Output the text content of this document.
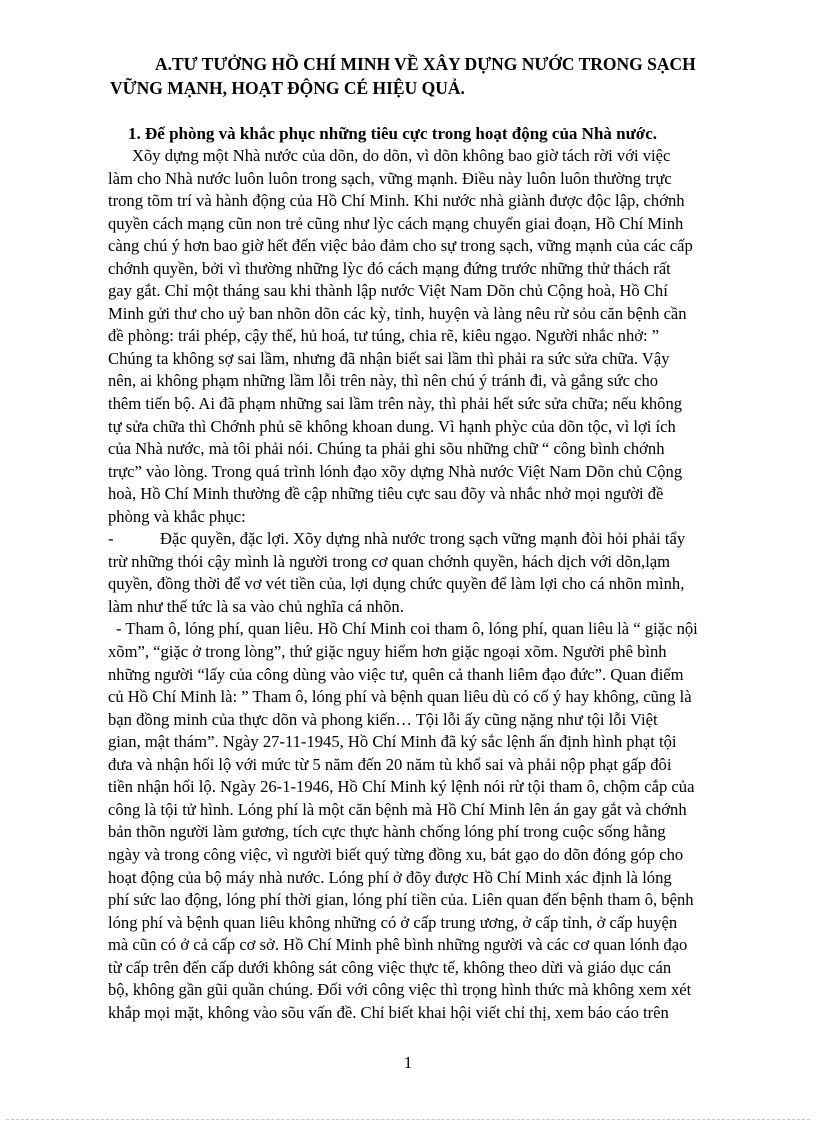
A.TƯ TƯỞNG HỒ CHÍ MINH VỀ XÂY DỰNG NƯỚC TRONG SẠCH
VỮNG MẠNH, HOẠT ĐỘNG CÉ HIỆU QUẢ.
1. Để phòng và khắc phục những tiêu cực trong hoạt động của Nhà nước.
Xõy dựng một Nhà nước của dõn, do dõn, vì dõn không bao giờ tách rời với việc
làm cho Nhà nước luôn luôn trong sạch, vững mạnh. Điều này luôn luôn thường trực
trong tõm trí và hành động của Hồ Chí Minh. Khi nước nhà giành được độc lập, chớnh
quyền cách mạng cũn non trẻ cũng như lỳc cách mạng chuyển giai đoạn, Hồ Chí Minh
càng chú ý hơn bao giờ hết đến việc bảo đảm cho sự trong sạch, vững mạnh của các cấp
chớnh quyền, bởi vì thường những lỳc đó cách mạng đứng trước những thử thách rất
gay gắt. Chỉ một tháng sau khi thành lập nước Việt Nam Dõn chủ Cộng hoà, Hồ Chí
Minh gửi thư cho uỷ ban nhõn dõn các kỳ, tỉnh, huyện và làng nêu rừ sỏu căn bệnh cần
đề phòng: trái phép, cậy thế, hủ hoá, tư túng, chia rẽ, kiêu ngạo. Người nhắc nhở: ”
Chúng ta không sợ sai lầm, nhưng đã nhận biết sai lầm thì phải ra sức sửa chữa. Vậy
nên, ai không phạm những lầm lỗi trên này, thì nên chú ý tránh đi, và gắng sức cho
thêm tiến bộ. Ai đã phạm những sai lầm trên này, thì phải hết sức sửa chữa; nếu không
tự sửa chữa thì Chớnh phủ sẽ không khoan dung. Vì hạnh phỳc của dõn tộc, vì lợi ích
của Nhà nước, mà tôi phải nói. Chúng ta phải ghi sõu những chữ “ công bình chớnh
trực” vào lòng. Trong quá trình lónh đạo xõy dựng Nhà nước Việt Nam Dõn chủ Cộng
hoà, Hồ Chí Minh thường đề cập những tiêu cực sau đõy và nhắc nhở mọi người đề
phòng và khắc phục:
-	Đặc quyền, đặc lợi. Xõy dựng nhà nước trong sạch vững mạnh đòi hỏi phải tẩy
trừ những thói cậy mình là người trong cơ quan chớnh quyền, hách dịch với dõn,lạm
quyền, đồng thời để vơ vét tiền của, lợi dụng chức quyền để làm lợi cho cá nhõn mình,
làm như thế tức là sa vào chủ nghĩa cá nhõn.
- Tham ô, lóng phí, quan liêu. Hồ Chí Minh coi tham ô, lóng phí, quan liêu là “ giặc nội
xõm”, “giặc ở trong lòng”, thứ giặc nguy hiểm hơn giặc ngoại xõm. Người phê bình
những người “lấy của công dùng vào việc tư, quên cả thanh liêm đạo đức”. Quan điểm
củ Hồ Chí Minh là: ” Tham ô, lóng phí và bệnh quan liêu dù có cố ý hay không, cũng là
bạn đồng minh của thực dõn và phong kiến… Tội lỗi ấy cũng nặng như tội lỗi Việt
gian, mật thám”. Ngày 27-11-1945, Hồ Chí Minh đã ký sắc lệnh ấn định hình phạt tội
đưa và nhận hối lộ với mức từ 5 năm đến 20 năm tù khổ sai và phải nộp phạt gấp đôi
tiền nhận hối lộ. Ngày 26-1-1946, Hồ Chí Minh ký lệnh nói rừ tội tham ô, chộm cắp của
công là tội tử hình. Lóng phí là một căn bệnh mà Hồ Chí Minh lên án gay gắt và chớnh
bản thõn người làm gương, tích cực thực hành chống lóng phí trong cuộc sống hằng
ngày và trong công việc, vì người biết quý từng đồng xu, bát gạo do dõn đóng góp cho
hoạt động của bộ máy nhà nước. Lóng phí ở đõy được Hồ Chí Minh xác định là lóng
phí sức lao động, lóng phí thời gian, lóng phí tiền của. Liên quan đến bệnh tham ô, bệnh
lóng phí và bệnh quan liêu không những có ở cấp trung ương, ở cấp tỉnh, ở cấp huyện
mà cũn có ở cả cấp cơ sở. Hồ Chí Minh phê bình những người và các cơ quan lónh đạo
từ cấp trên đến cấp dưới không sát công việc thực tế, không theo dừi và giáo dục cán
bộ, không gần gũi quần chúng. Đối với công việc thì trọng hình thức mà không xem xét
khắp mọi mặt, không vào sõu vấn đề. Chỉ biết khai hội viết chỉ thị, xem báo cáo trên
1
